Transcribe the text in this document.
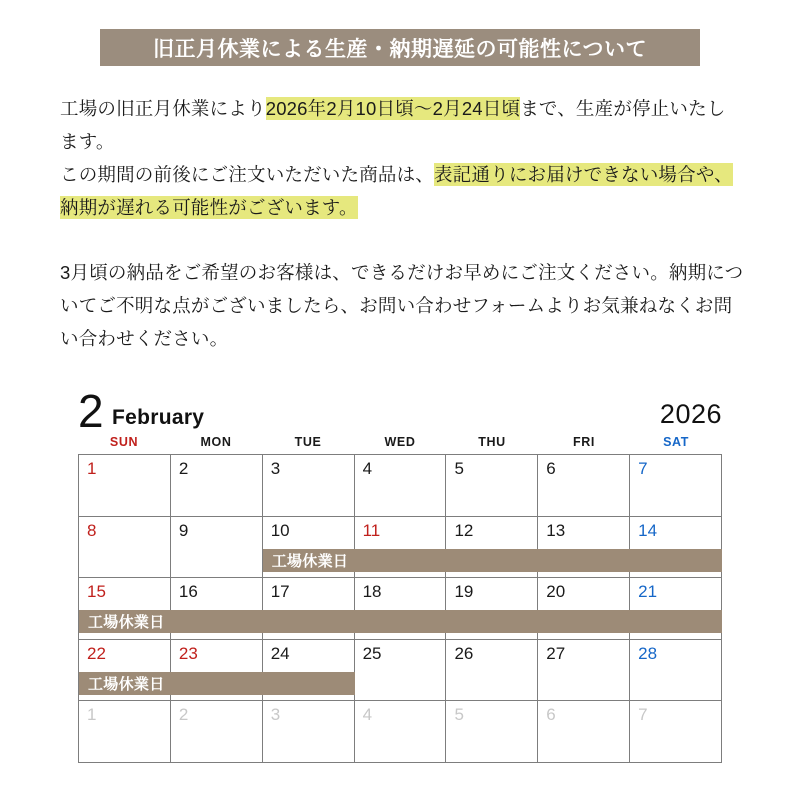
旧正月休業による生産・納期遅延の可能性について

工場の旧正月休業により2026年2月10日頃〜2月24日頃まで、生産が停止いたします。

この期間の前後にご注文いただいた商品は、表記通りにお届けできない場合や、納期が遅れる可能性がございます。

3月頃の納品をご希望のお客様は、できるだけお早めにご注文ください。納期についてご不明な点がございましたら、お問い合わせフォームよりお気兼ねなくお問い合わせください。

2 February	2026
SUN	MON	TUE	WED	THU	FRI	SAT
1	2	3	4	5	6	7
8	9	10	11	12	13	14
工場休業日
15	16	17	18	19	20	21
工場休業日
22	23	24	25	26	27	28
工場休業日
1	2	3	4	5	6	7
